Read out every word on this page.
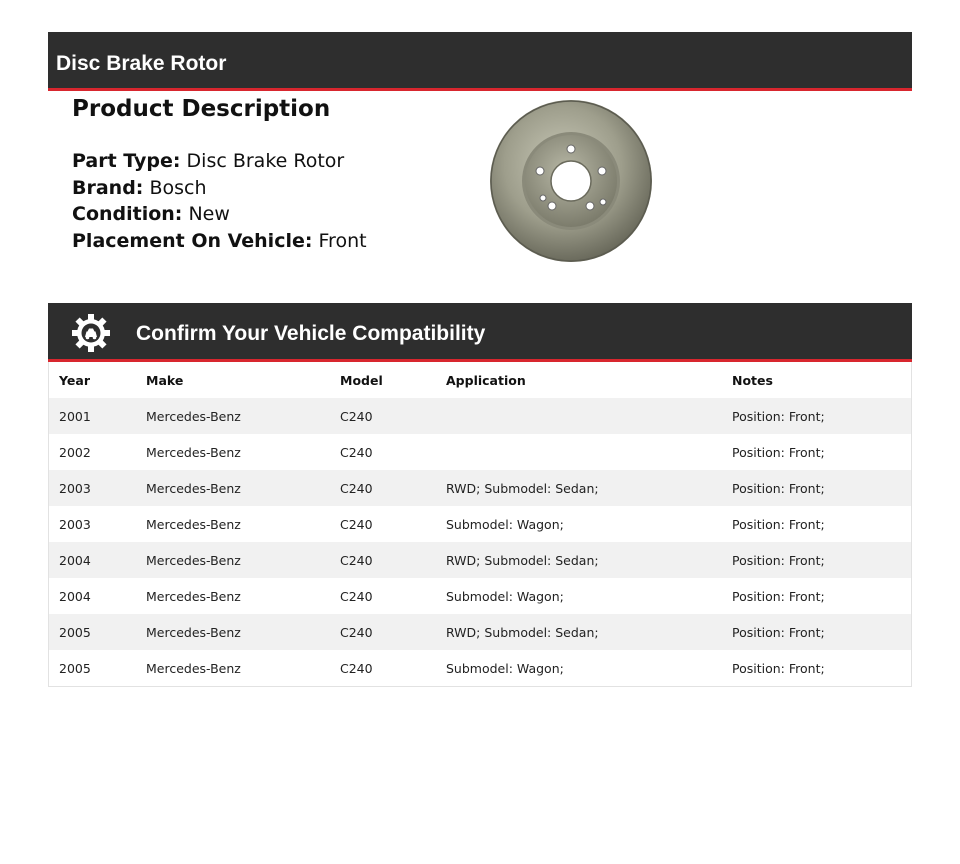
Disc Brake Rotor
Product Description
Part Type: Disc Brake Rotor
Brand: Bosch
Condition: New
Placement On Vehicle: Front
Confirm Your Vehicle Compatibility
Year	Make	Model	Application	Notes
2001	Mercedes-Benz	C240		Position: Front;
2002	Mercedes-Benz	C240		Position: Front;
2003	Mercedes-Benz	C240	RWD; Submodel: Sedan;	Position: Front;
2003	Mercedes-Benz	C240	Submodel: Wagon;	Position: Front;
2004	Mercedes-Benz	C240	RWD; Submodel: Sedan;	Position: Front;
2004	Mercedes-Benz	C240	Submodel: Wagon;	Position: Front;
2005	Mercedes-Benz	C240	RWD; Submodel: Sedan;	Position: Front;
2005	Mercedes-Benz	C240	Submodel: Wagon;	Position: Front;
